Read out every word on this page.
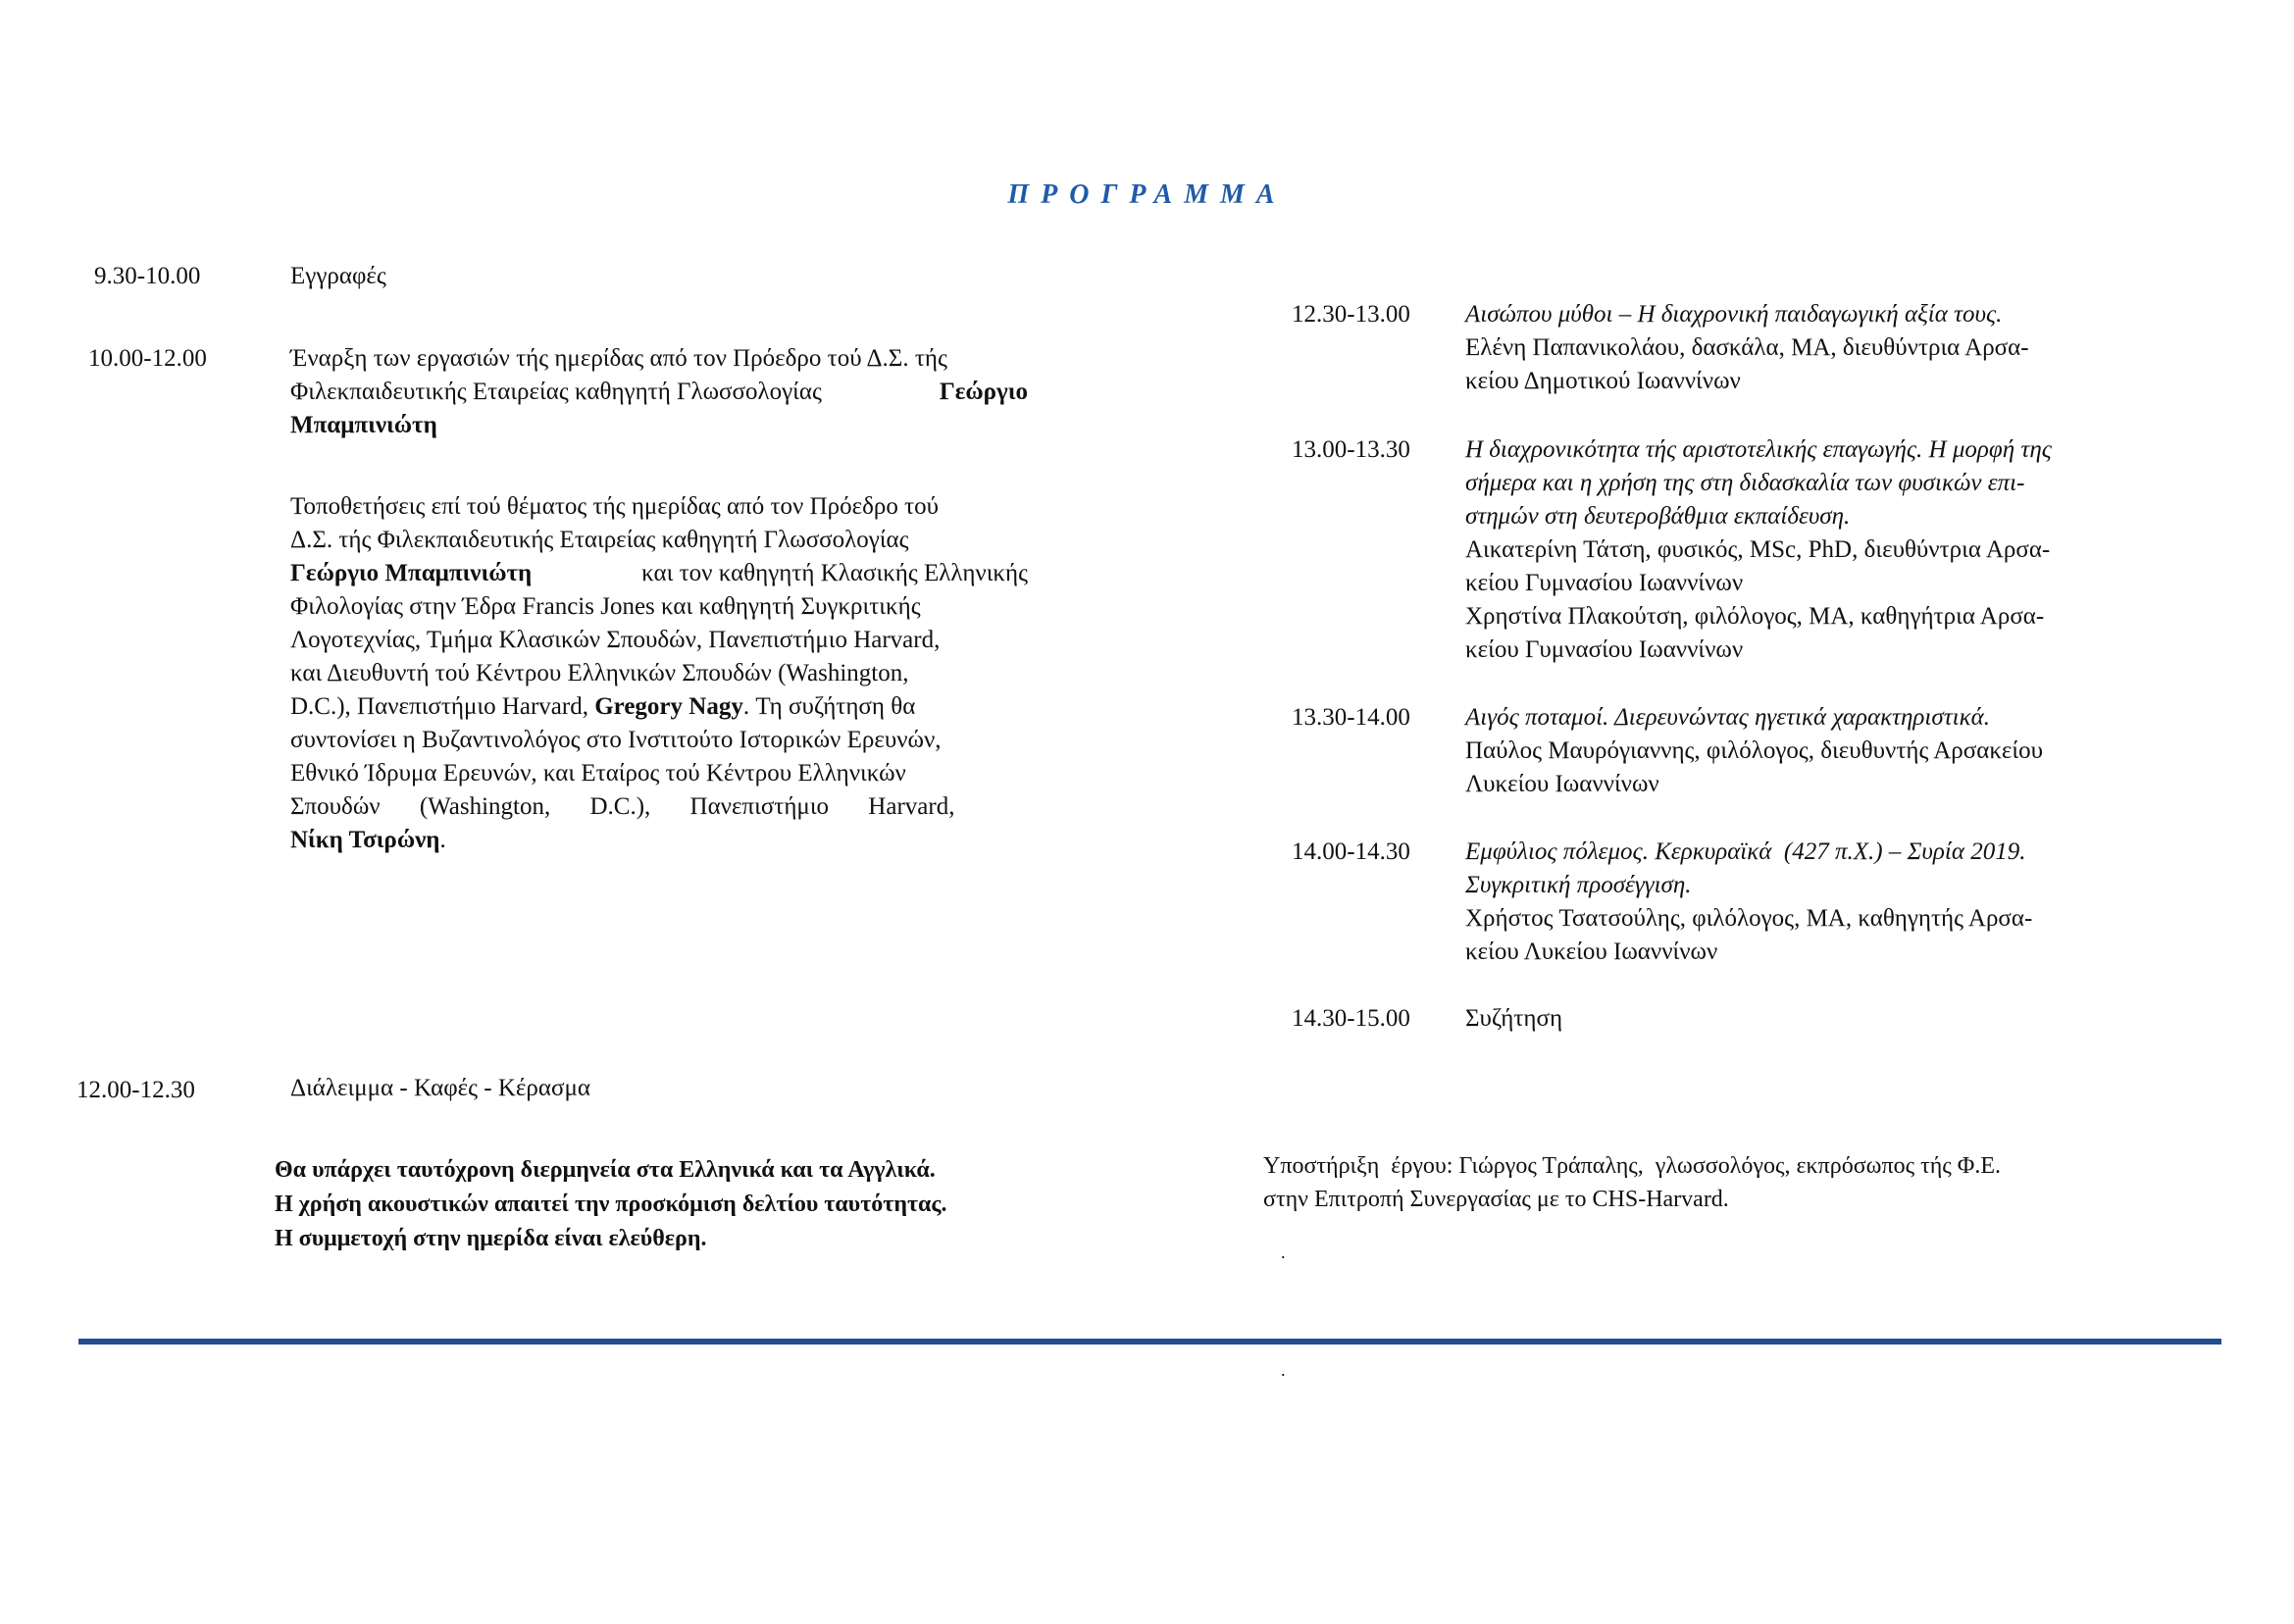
ΠΡΟΓΡΑΜΜΑ
9.30-10.00	Εγγραφές
10.00-12.00	Έναρξη των εργασιών τής ημερίδας από τον Πρόεδρο τού Δ.Σ. τής
Φιλεκπαιδευτικής Εταιρείας καθηγητή Γλωσσολογίας	Γεώργιο
Μπαμπινιώτη
Τοποθετήσεις επί τού θέματος τής ημερίδας από τον Πρόεδρο τού
Δ.Σ. τής Φιλεκπαιδευτικής Εταιρείας καθηγητή Γλωσσολογίας
Γεώργιο Μπαμπινιώτη	και τον καθηγητή Κλασικής Ελληνικής
Φιλολογίας στην Έδρα Francis Jones και καθηγητή Συγκριτικής
Λογοτεχνίας, Τμήμα Κλασικών Σπουδών, Πανεπιστήμιο Harvard,
και Διευθυντή τού Κέντρου Ελληνικών Σπουδών (Washington,
D.C.), Πανεπιστήμιο Harvard, Gregory Nagy. Τη συζήτηση θα
συντονίσει η Βυζαντινολόγος στο Ινστιτούτο Ιστορικών Ερευνών,
Εθνικό Ίδρυμα Ερευνών, και Εταίρος τού Κέντρου Ελληνικών
Σπουδών (Washington, D.C.), Πανεπιστήμιο Harvard,
Νίκη Τσιρώνη.
12.00-12.30	Διάλειμμα - Καφές - Κέρασμα
Θα υπάρχει ταυτόχρονη διερμηνεία στα Ελληνικά και τα Αγγλικά.
Η χρήση ακουστικών απαιτεί την προσκόμιση δελτίου ταυτότητας.
Η συμμετοχή στην ημερίδα είναι ελεύθερη.
12.30-13.00 Αισώπου μύθοι – Η διαχρονική παιδαγωγική αξία τους.
Ελένη Παπανικολάου, δασκάλα, ΜΑ, διευθύντρια Αρσα-
κείου Δημοτικού Ιωαννίνων
13.00-13.30 Η διαχρονικότητα τής αριστοτελικής επαγωγής. Η μορφή της
σήμερα και η χρήση της στη διδασκαλία των φυσικών επι-
στημών στη δευτεροβάθμια εκπαίδευση.
Αικατερίνη Τάτση, φυσικός, MSc, PhD, διευθύντρια Αρσα-
κείου Γυμνασίου Ιωαννίνων
Χρηστίνα Πλακούτση, φιλόλογος, ΜΑ, καθηγήτρια Αρσα-
κείου Γυμνασίου Ιωαννίνων
13.30-14.00 Αιγός ποταμοί. Διερευνώντας ηγετικά χαρακτηριστικά.
Παύλος Μαυρόγιαννης, φιλόλογος, διευθυντής Αρσακείου
Λυκείου Ιωαννίνων
14.00-14.30 Εμφύλιος πόλεμος. Κερκυραϊκά  (427 π.Χ.) – Συρία 2019.
Συγκριτική προσέγγιση.
Χρήστος Τσατσούλης, φιλόλογος, ΜΑ, καθηγητής Αρσα-
κείου Λυκείου Ιωαννίνων
14.30-15.00 Συζήτηση
Υποστήριξη  έργου: Γιώργος Τράπαλης,  γλωσσολόγος, εκπρόσωπος τής Φ.Ε.
στην Επιτροπή Συνεργασίας με το CHS-Harvard.
.
.
